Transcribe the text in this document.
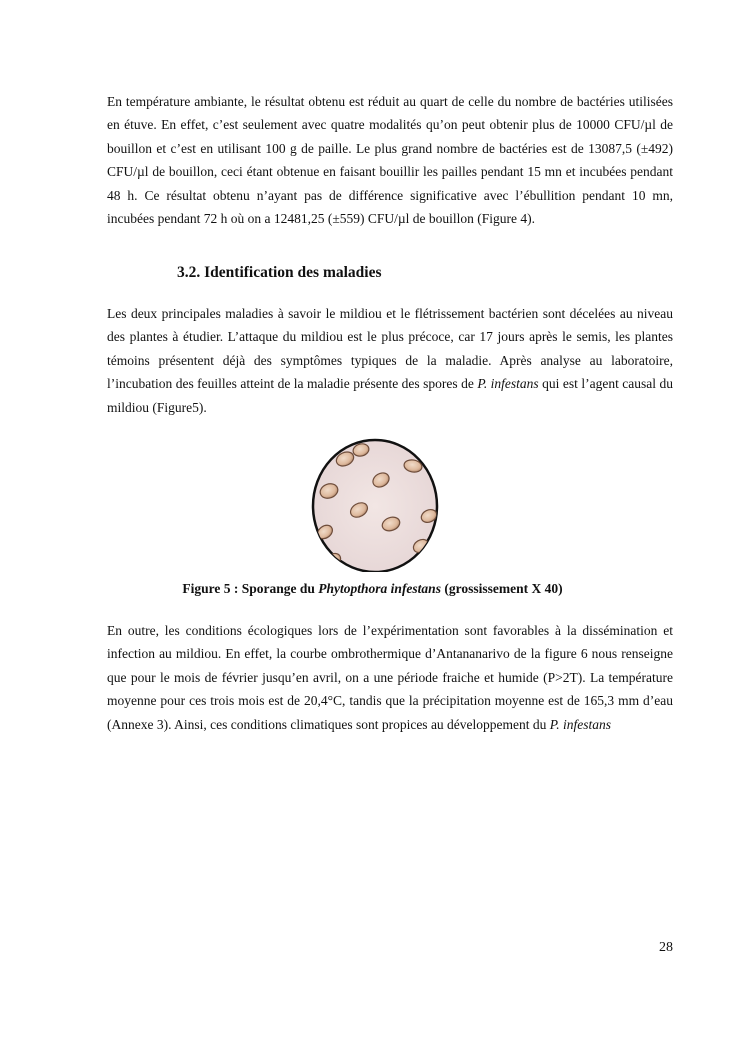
En température ambiante, le résultat obtenu est réduit au quart de celle du nombre de bactéries utilisées en étuve. En effet, c’est seulement avec quatre modalités qu’on peut obtenir plus de 10000 CFU/µl de bouillon et c’est en utilisant 100 g de paille. Le plus grand nombre de bactéries est de 13087,5 (±492) CFU/µl de bouillon, ceci étant obtenue en faisant bouillir les pailles pendant 15 mn et incubées pendant 48 h. Ce résultat obtenu n’ayant pas de différence significative avec l’ébullition pendant 10 mn, incubées pendant 72 h où on a 12481,25 (±559) CFU/µl de bouillon (Figure 4).

3.2. Identification des maladies

Les deux principales maladies à savoir le mildiou et le flétrissement bactérien sont décelées au niveau des plantes à étudier. L’attaque du mildiou est le plus précoce, car 17 jours après le semis, les plantes témoins présentent déjà des symptômes typiques de la maladie. Après analyse au laboratoire, l’incubation des feuilles atteint de la maladie présente des spores de P. infestans qui est l’agent causal du mildiou (Figure5).

Figure 5 : Sporange du Phytopthora infestans (grossissement X 40)

En outre, les conditions écologiques lors de l’expérimentation sont favorables à la dissémination et infection au mildiou. En effet, la courbe ombrothermique d’Antananarivo de la figure 6 nous renseigne que pour le mois de février jusqu’en avril, on a une période fraiche et humide (P>2T). La température moyenne pour ces trois mois est de 20,4°C, tandis que la précipitation moyenne est de 165,3 mm d’eau (Annexe 3). Ainsi, ces conditions climatiques sont propices au développement du P. infestans

28
